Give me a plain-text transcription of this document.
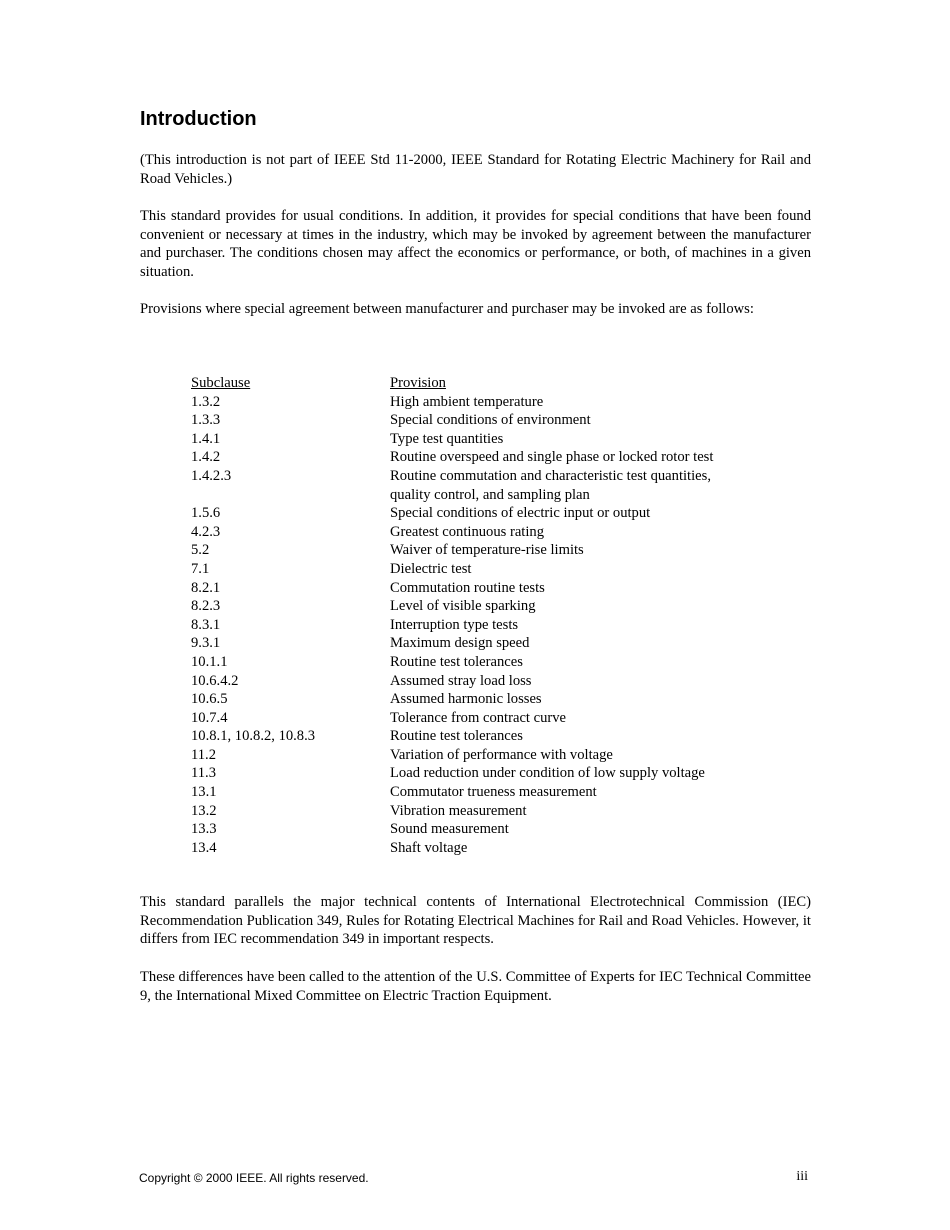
Introduction

(This introduction is not part of IEEE Std 11-2000, IEEE Standard for Rotating Electric Machinery for Rail and Road Vehicles.)

This standard provides for usual conditions. In addition, it provides for special conditions that have been found convenient or necessary at times in the industry, which may be invoked by agreement between the manufacturer and purchaser. The conditions chosen may affect the economics or performance, or both, of machines in a given situation.

Provisions where special agreement between manufacturer and purchaser may be invoked are as follows:

Subclause	Provision
1.3.2	High ambient temperature
1.3.3	Special conditions of environment
1.4.1	Type test quantities
1.4.2	Routine overspeed and single phase or locked rotor test
1.4.2.3	Routine commutation and characteristic test quantities,
quality control, and sampling plan
1.5.6	Special conditions of electric input or output
4.2.3	Greatest continuous rating
5.2	Waiver of temperature-rise limits
7.1	Dielectric test
8.2.1	Commutation routine tests
8.2.3	Level of visible sparking
8.3.1	Interruption type tests
9.3.1	Maximum design speed
10.1.1	Routine test tolerances
10.6.4.2	Assumed stray load loss
10.6.5	Assumed harmonic losses
10.7.4	Tolerance from contract curve
10.8.1, 10.8.2, 10.8.3	Routine test tolerances
11.2	Variation of performance with voltage
11.3	Load reduction under condition of low supply voltage
13.1	Commutator trueness measurement
13.2	Vibration measurement
13.3	Sound measurement
13.4	Shaft voltage

This standard parallels the major technical contents of International Electrotechnical Commission (IEC) Recommendation Publication 349, Rules for Rotating Electrical Machines for Rail and Road Vehicles. However, it differs from IEC recommendation 349 in important respects.

These differences have been called to the attention of the U.S. Committee of Experts for IEC Technical Committee 9, the International Mixed Committee on Electric Traction Equipment.

Copyright © 2000 IEEE. All rights reserved.	iii
